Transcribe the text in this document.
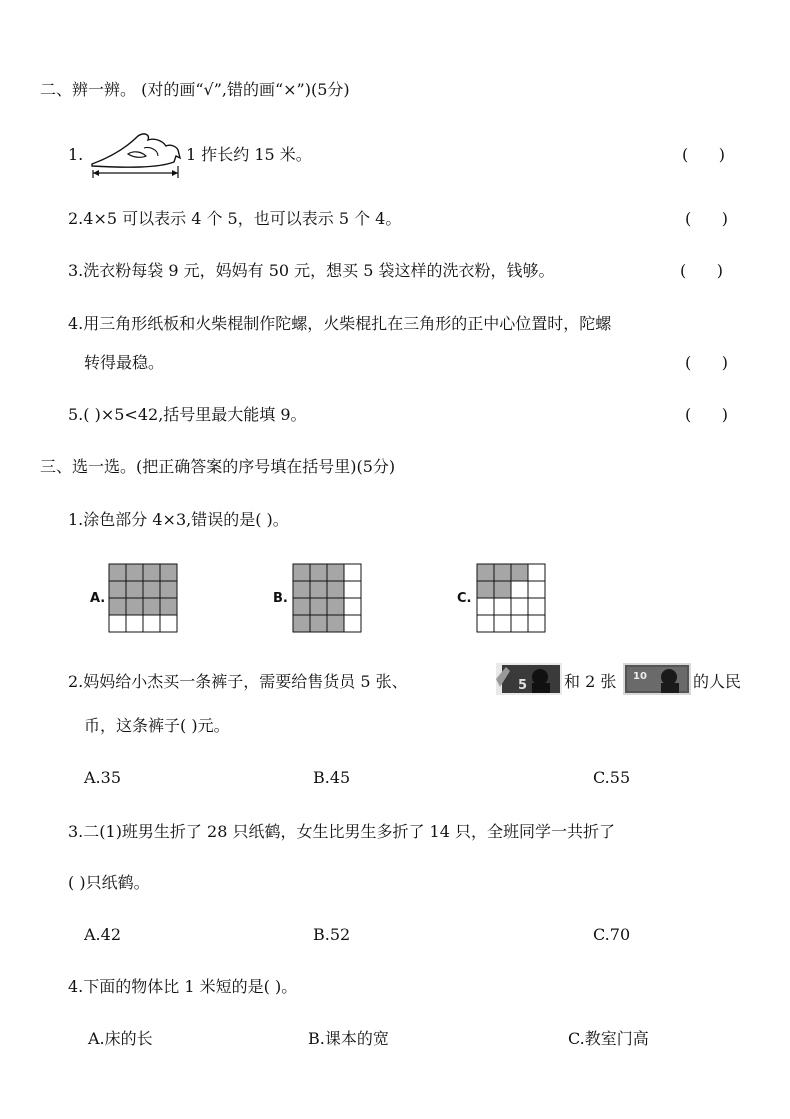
二、辨一辨。 (对的画“√”,错的画“×”)(5分)
1.	1 拃长约 15 米。	(      )
2.4×5 可以表示 4 个 5，也可以表示 5 个 4。	(      )
3.洗衣粉每袋 9 元，妈妈有 50 元，想买 5 袋这样的洗衣粉，钱够。	(      )
4.用三角形纸板和火柴棍制作陀螺，火柴棍扎在三角形的正中心位置时，陀螺
转得最稳。	(      )
5.( )×5<42,括号里最大能填 9。	(      )
三、选一选。(把正确答案的序号填在括号里)(5分)
1.涂色部分 4×3,错误的是( )。
A.	B.	C.
2.妈妈给小杰买一条裤子，需要给售货员 5 张、	5 和 2 张 10	的人民
币，这条裤子( )元。
A.35	B.45	C.55
3.二(1)班男生折了 28 只纸鹤，女生比男生多折了 14 只，全班同学一共折了
( )只纸鹤。
A.42	B.52	C.70
4.下面的物体比 1 米短的是( )。
A.床的长	B.课本的宽	C.教室门高
